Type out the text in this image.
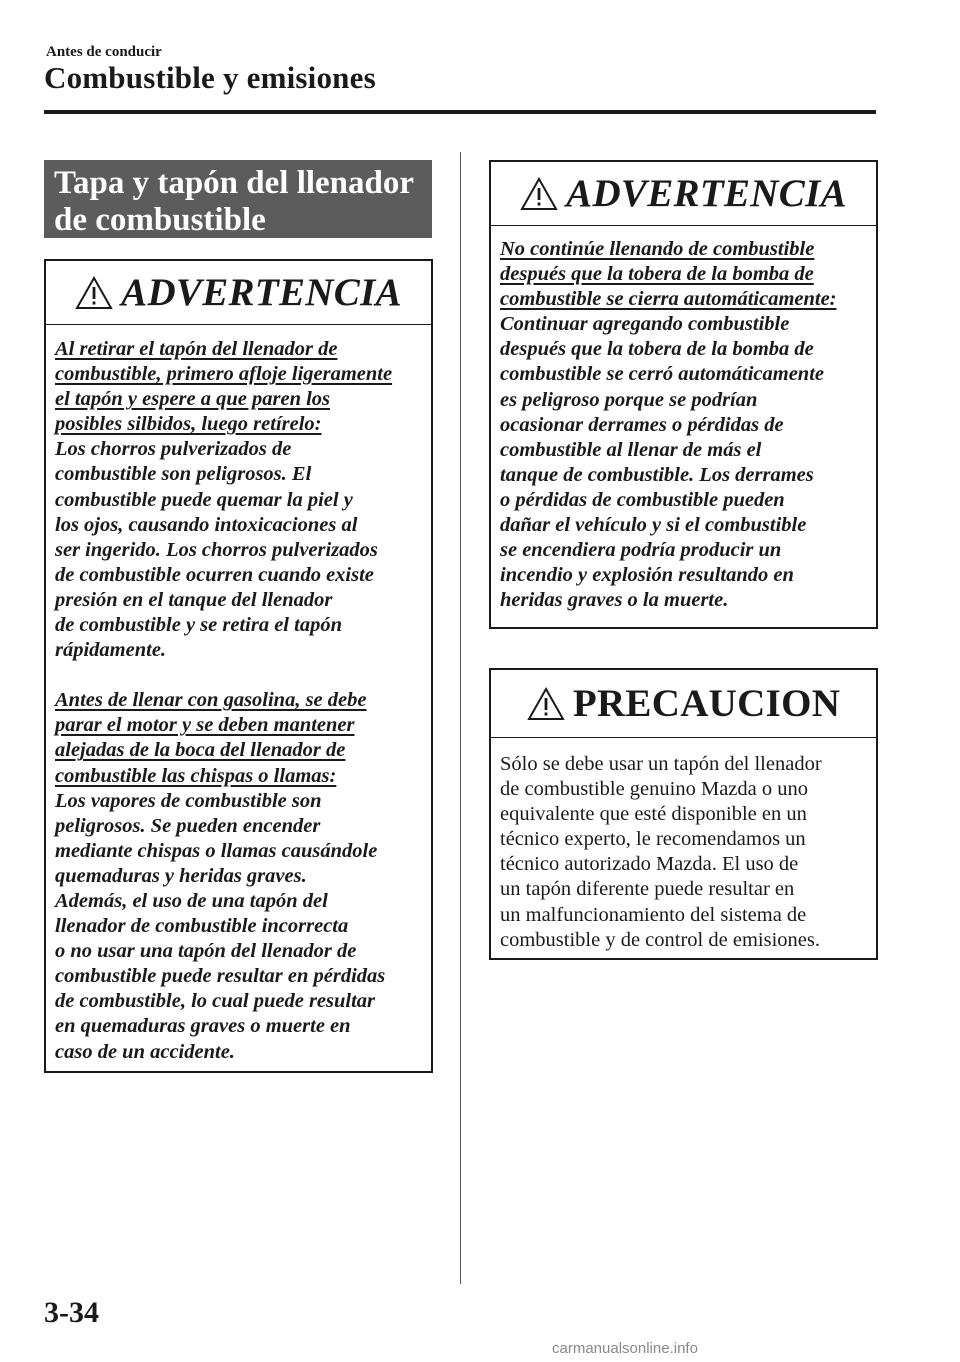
Antes de conducir
Combustible y emisiones
Tapa y tapón del llenador
de combustible
ADVERTENCIA
Al retirar el tapón del llenador de
combustible, primero afloje ligeramente
el tapón y espere a que paren los
posibles silbidos, luego retírelo:
Los chorros pulverizados de
combustible son peligrosos. El
combustible puede quemar la piel y
los ojos, causando intoxicaciones al
ser ingerido. Los chorros pulverizados
de combustible ocurren cuando existe
presión en el tanque del llenador
de combustible y se retira el tapón
rápidamente.
Antes de llenar con gasolina, se debe
parar el motor y se deben mantener
alejadas de la boca del llenador de
combustible las chispas o llamas:
Los vapores de combustible son
peligrosos. Se pueden encender
mediante chispas o llamas causándole
quemaduras y heridas graves.
Además, el uso de una tapón del
llenador de combustible incorrecta
o no usar una tapón del llenador de
combustible puede resultar en pérdidas
de combustible, lo cual puede resultar
en quemaduras graves o muerte en
caso de un accidente.
ADVERTENCIA
No continúe llenando de combustible
después que la tobera de la bomba de
combustible se cierra automáticamente:
Continuar agregando combustible
después que la tobera de la bomba de
combustible se cerró automáticamente
es peligroso porque se podrían
ocasionar derrames o pérdidas de
combustible al llenar de más el
tanque de combustible. Los derrames
o pérdidas de combustible pueden
dañar el vehículo y si el combustible
se encendiera podría producir un
incendio y explosión resultando en
heridas graves o la muerte.
PRECAUCION
Sólo se debe usar un tapón del llenador
de combustible genuino Mazda o uno
equivalente que esté disponible en un
técnico experto, le recomendamos un
técnico autorizado Mazda. El uso de
un tapón diferente puede resultar en
un malfuncionamiento del sistema de
combustible y de control de emisiones.
3-34
carmanualsonline.info
